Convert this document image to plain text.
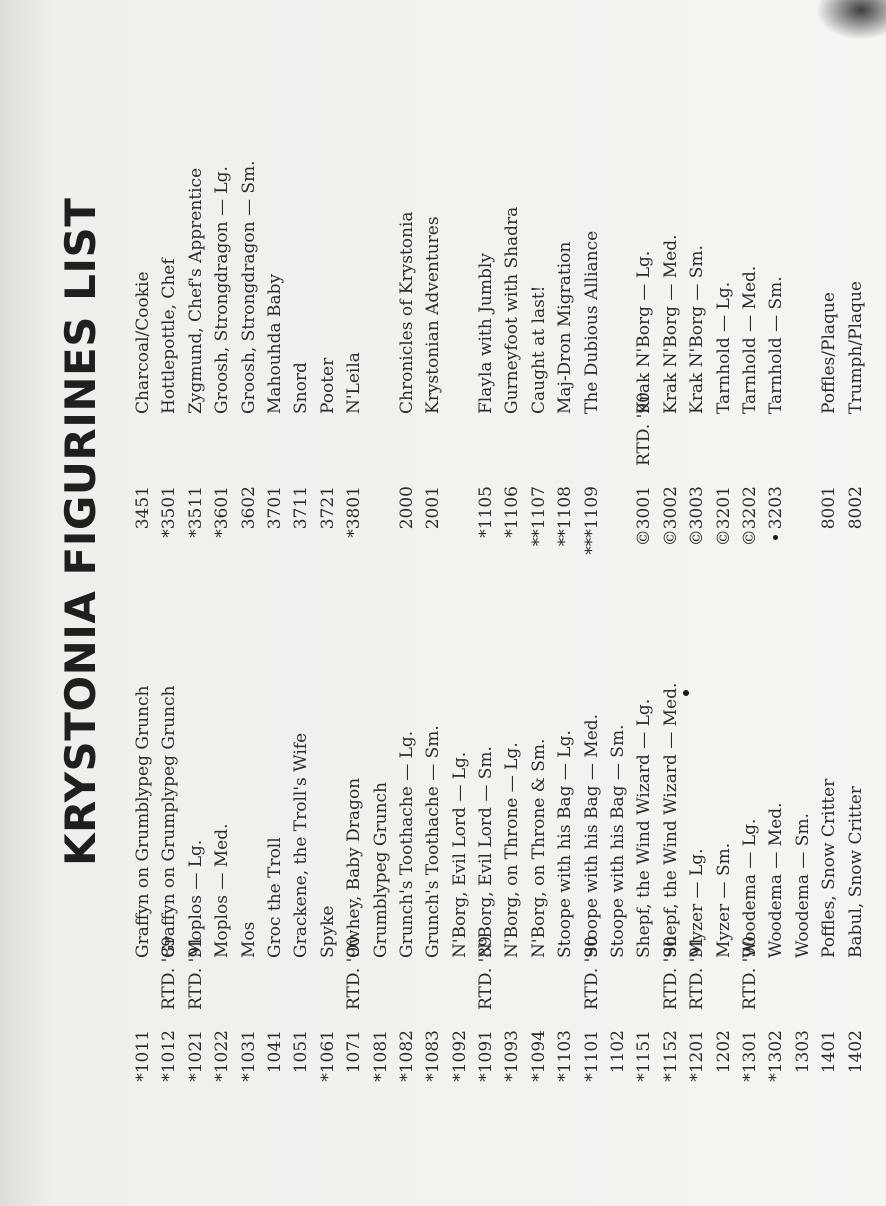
KRYSTONIA FIGURINES LIST
*1011
Graffyn on Grumblypeg Grunch
*1012
RTD. '89
Graffyn on Grumplypeg Grunch
*1021
RTD. '91
Moplos — Lg.
*1022
Moplos — Med.
*1031
Mos
1041
Groc the Troll
1051
Grackene, the Troll's Wife
*1061
Spyke
1071
RTD. '90
Owhey, Baby Dragon
*1081
Grumblypeg Grunch
*1082
Grunch's Toothache — Lg.
*1083
Grunch's Toothache — Sm.
*1092
N'Borg, Evil Lord — Lg.
*1091
RTD. '89
N'Borg, Evil Lord — Sm.
*1093
N'Borg, on Throne — Lg.
*1094
N'Borg, on Throne & Sm.
*1103
Stoope with his Bag — Lg.
*1101
RTD. '90
Stoope with his Bag — Med.
1102
Stoope with his Bag — Sm.
*1151
Shepf, the Wind Wizard — Lg.
*1152
RTD. '90
Shepf, the Wind Wizard — Med.
*1201
RTD. '91
Myzer — Lg.
1202
Myzer — Sm.
*1301
RTD. '90
Woodema — Lg.
*1302
Woodema — Med.
1303
Woodema — Sm.
1401
Poffles, Snow Critter
1402
Babul, Snow Critter
3451
Charcoal/Cookie
*3501
Hottlepottle, Chef
*3511
Zygmund, Chef's Apprentice
*3601
Groosh, Strongdragon — Lg.
3602
Groosh, Strongdragon — Sm.
3701
Mahouhda Baby
3711
Snord
3721
Pooter
*3801
N'Leila
2000
Chronicles of Krystonia
2001
Krystonian Adventures
*1105
Flayla with Jumbly
*1106
Gurneyfoot with Shadra
**1107
Caught at last!
**1108
Maj-Dron Migration
***1109
The Dubious Alliance
©3001
RTD. '90
Krak N'Borg — Lg.
©3002
Krak N'Borg — Med.
©3003
Krak N'Borg — Sm.
©3201
Tarnhold — Lg.
©3202
Tarnhold — Med.
3203
Tarnhold — Sm.
8001
Poffles/Plaque
8002
Trumph/Plaque
